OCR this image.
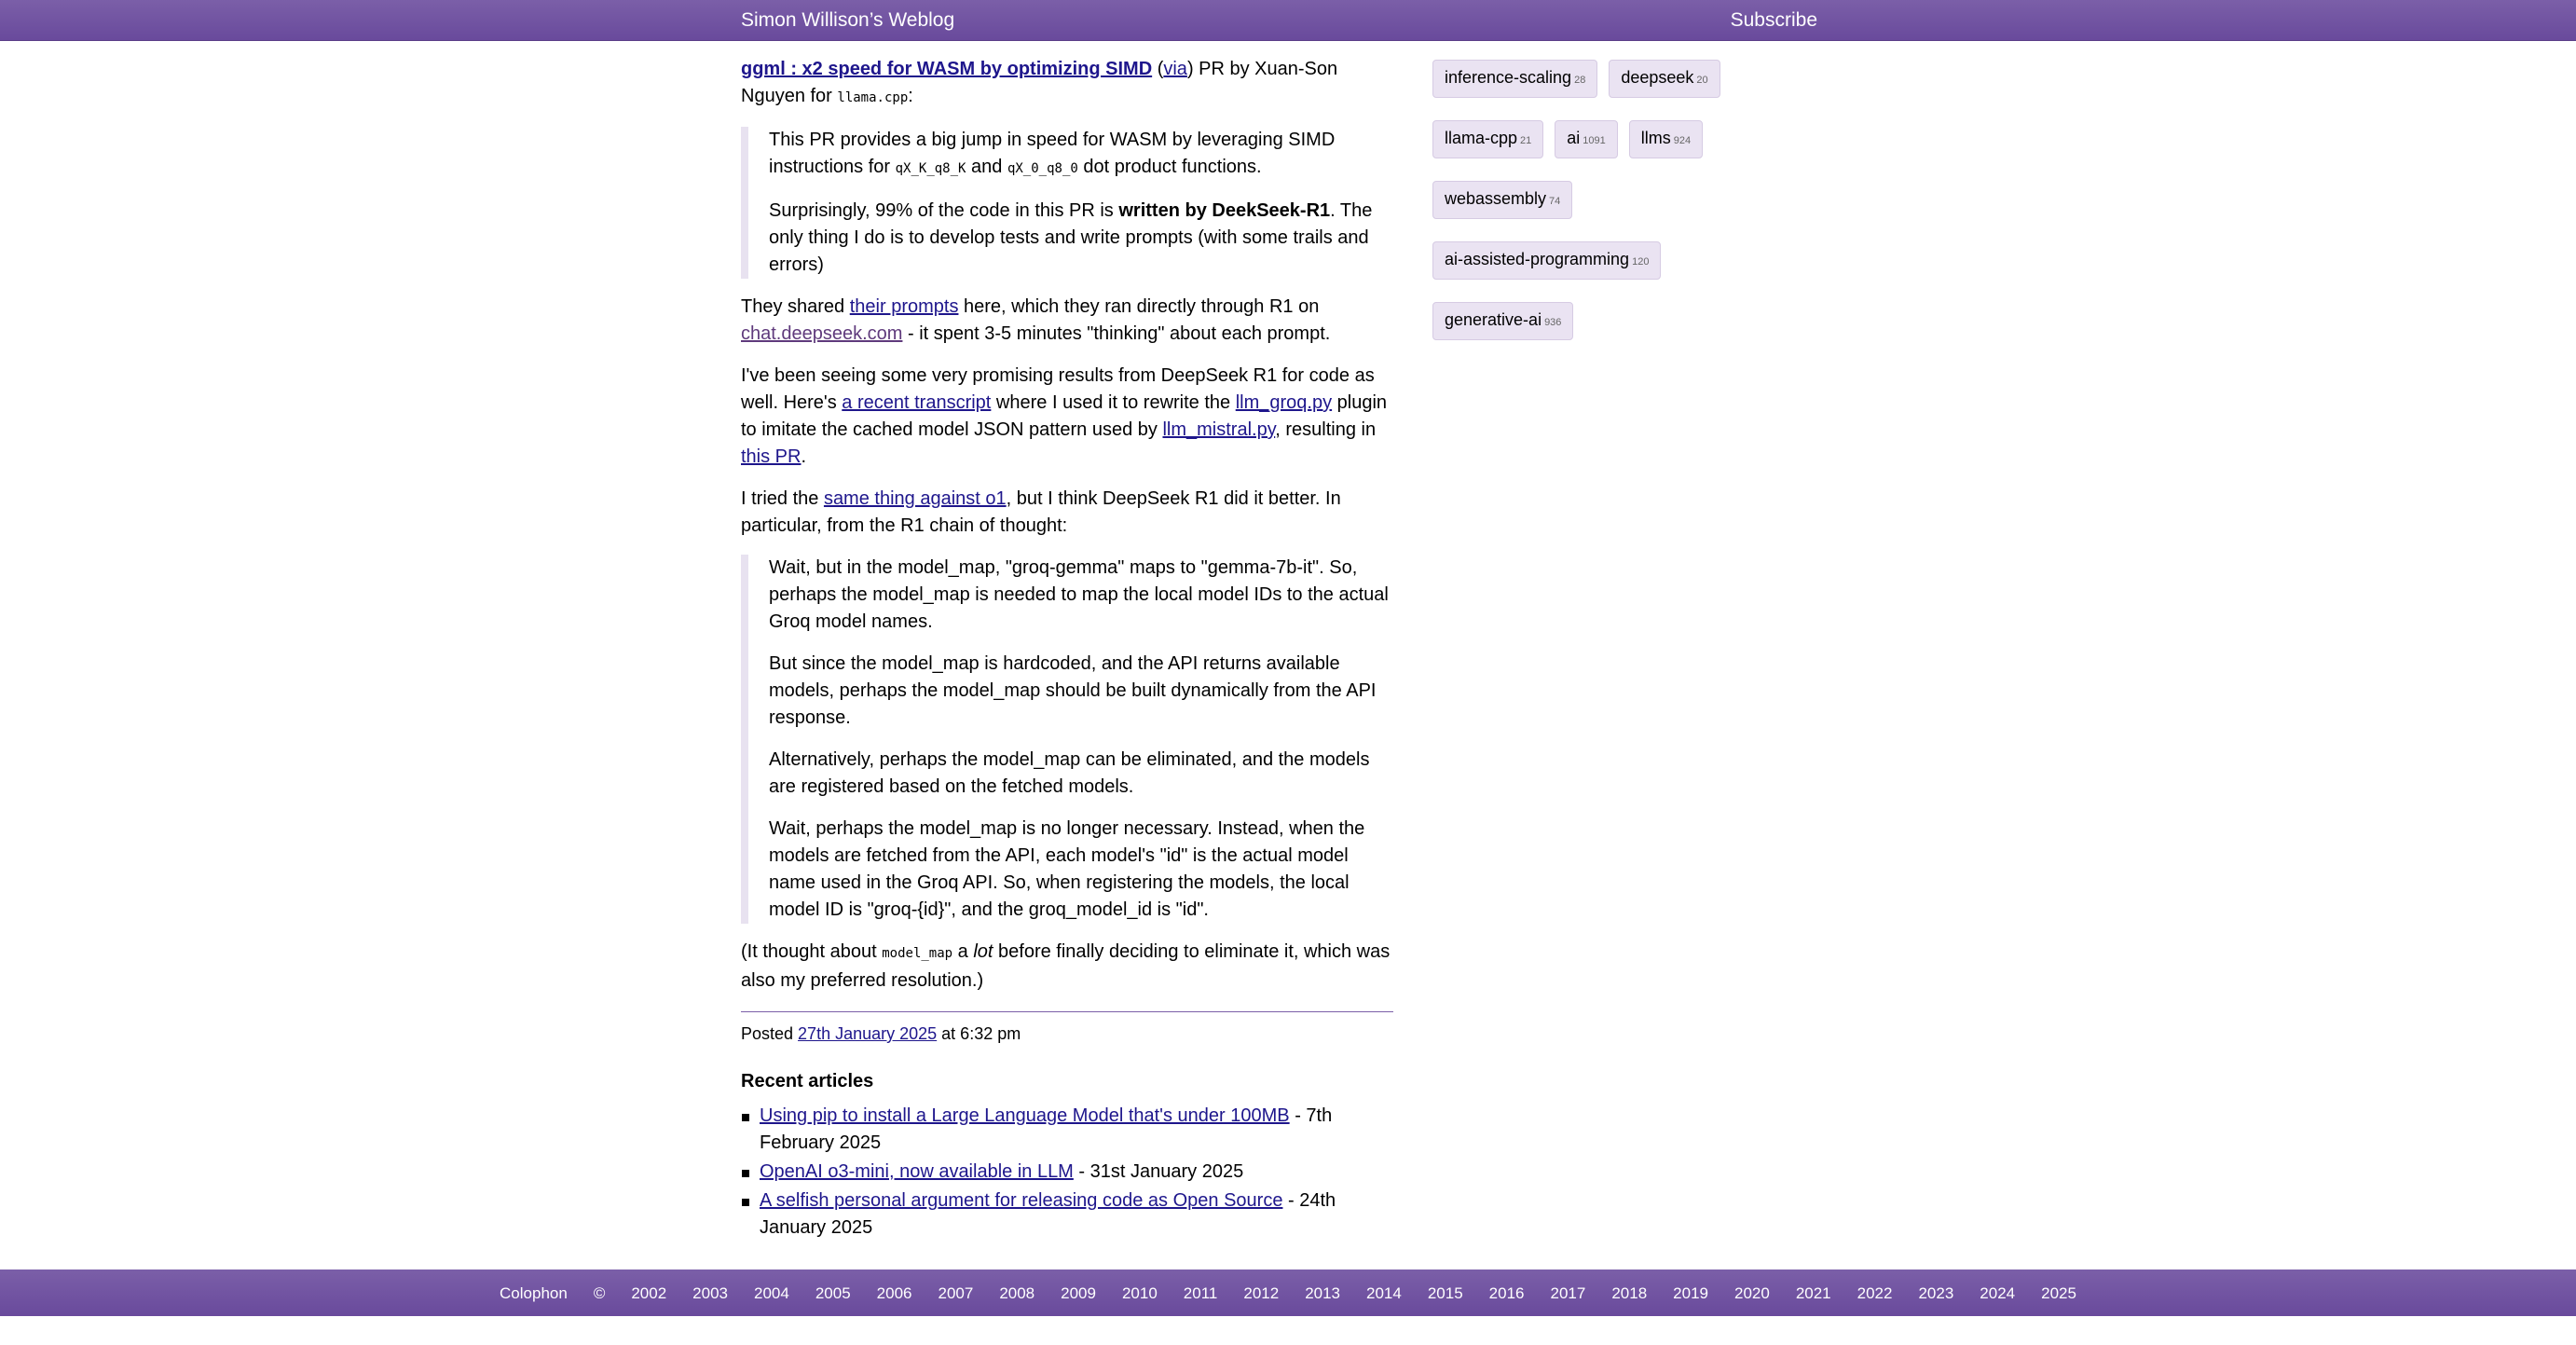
Simon Willison’s Weblog	Subscribe

ggml : x2 speed for WASM by optimizing SIMD (via) PR by Xuan-Son Nguyen for llama.cpp:

This PR provides a big jump in speed for WASM by leveraging SIMD instructions for qX_K_q8_K and qX_0_q8_0 dot product functions.

Surprisingly, 99% of the code in this PR is written by DeekSeek-R1. The only thing I do is to develop tests and write prompts (with some trails and errors)

They shared their prompts here, which they ran directly through R1 on chat.deepseek.com - it spent 3-5 minutes "thinking" about each prompt.

I've been seeing some very promising results from DeepSeek R1 for code as well. Here's a recent transcript where I used it to rewrite the llm_groq.py plugin to imitate the cached model JSON pattern used by llm_mistral.py, resulting in this PR.

I tried the same thing against o1, but I think DeepSeek R1 did it better. In particular, from the R1 chain of thought:

Wait, but in the model_map, "groq-gemma" maps to "gemma-7b-it". So, perhaps the model_map is needed to map the local model IDs to the actual Groq model names.

But since the model_map is hardcoded, and the API returns available models, perhaps the model_map should be built dynamically from the API response.

Alternatively, perhaps the model_map can be eliminated, and the models are registered based on the fetched models.

Wait, perhaps the model_map is no longer necessary. Instead, when the models are fetched from the API, each model's "id" is the actual model name used in the Groq API. So, when registering the models, the local model ID is "groq-{id}", and the groq_model_id is "id".

(It thought about model_map a lot before finally deciding to eliminate it, which was also my preferred resolution.)

Posted 27th January 2025 at 6:32 pm
Recent articles
Using pip to install a Large Language Model that's under 100MB - 7th February 2025
OpenAI o3-mini, now available in LLM - 31st January 2025
A selfish personal argument for releasing code as Open Source - 24th January 2025
inference-scaling 28	deepseek 20
llama-cpp 21	ai 1091	llms 924
webassembly 74
ai-assisted-programming 120
generative-ai 936
Colophon © 2002 2003 2004 2005 2006 2007 2008 2009 2010 2011 2012 2013 2014 2015 2016 2017 2018 2019 2020 2021 2022 2023 2024 2025
